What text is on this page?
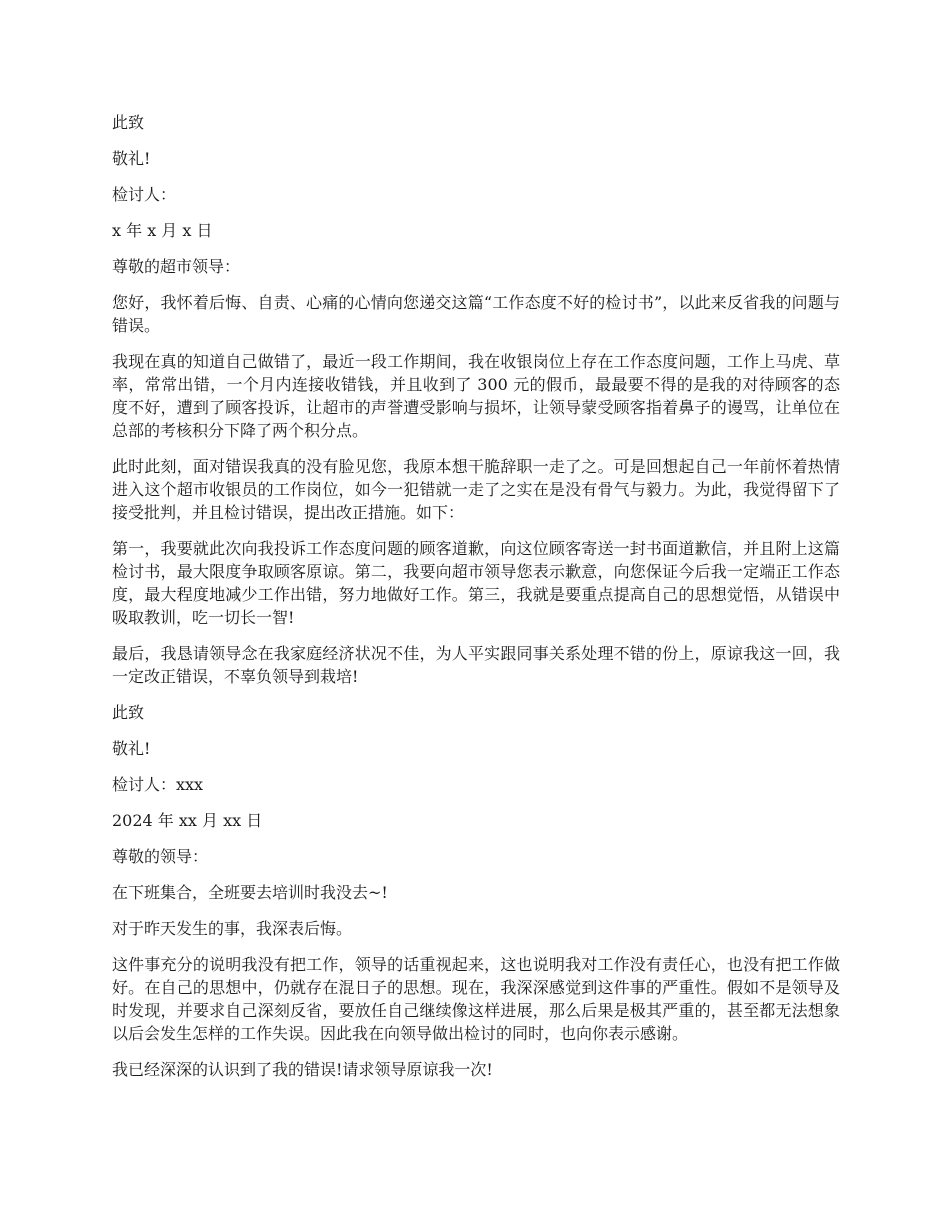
此致

敬礼!

检讨人：

x 年 x 月 x 日

尊敬的超市领导：

您好，我怀着后悔、自责、心痛的心情向您递交这篇“工作态度不好的检讨书”，以此来反省我的问题与错误。

我现在真的知道自己做错了，最近一段工作期间，我在收银岗位上存在工作态度问题，工作上马虎、草率，常常出错，一个月内连接收错钱，并且收到了 300 元的假币，最最要不得的是我的对待顾客的态度不好，遭到了顾客投诉，让超市的声誉遭受影响与损坏，让领导蒙受顾客指着鼻子的谩骂，让单位在总部的考核积分下降了两个积分点。

此时此刻，面对错误我真的没有脸见您，我原本想干脆辞职一走了之。可是回想起自己一年前怀着热情进入这个超市收银员的工作岗位，如今一犯错就一走了之实在是没有骨气与毅力。为此，我觉得留下了接受批判，并且检讨错误，提出改正措施。如下：

第一，我要就此次向我投诉工作态度问题的顾客道歉，向这位顾客寄送一封书面道歉信，并且附上这篇检讨书，最大限度争取顾客原谅。第二，我要向超市领导您表示歉意，向您保证今后我一定端正工作态度，最大程度地减少工作出错，努力地做好工作。第三，我就是要重点提高自己的思想觉悟，从错误中吸取教训，吃一切长一智!

最后，我恳请领导念在我家庭经济状况不佳，为人平实跟同事关系处理不错的份上，原谅我这一回，我一定改正错误，不辜负领导到栽培!

此致

敬礼!

检讨人：xxx

2024 年 xx 月 xx 日

尊敬的领导：

在下班集合，全班要去培训时我没去~!

对于昨天发生的事，我深表后悔。

这件事充分的说明我没有把工作，领导的话重视起来，这也说明我对工作没有责任心，也没有把工作做好。在自己的思想中，仍就存在混日子的思想。现在，我深深感觉到这件事的严重性。假如不是领导及时发现，并要求自己深刻反省，要放任自己继续像这样进展，那么后果是极其严重的，甚至都无法想象以后会发生怎样的工作失误。因此我在向领导做出检讨的同时，也向你表示感谢。

我已经深深的认识到了我的错误!请求领导原谅我一次!
